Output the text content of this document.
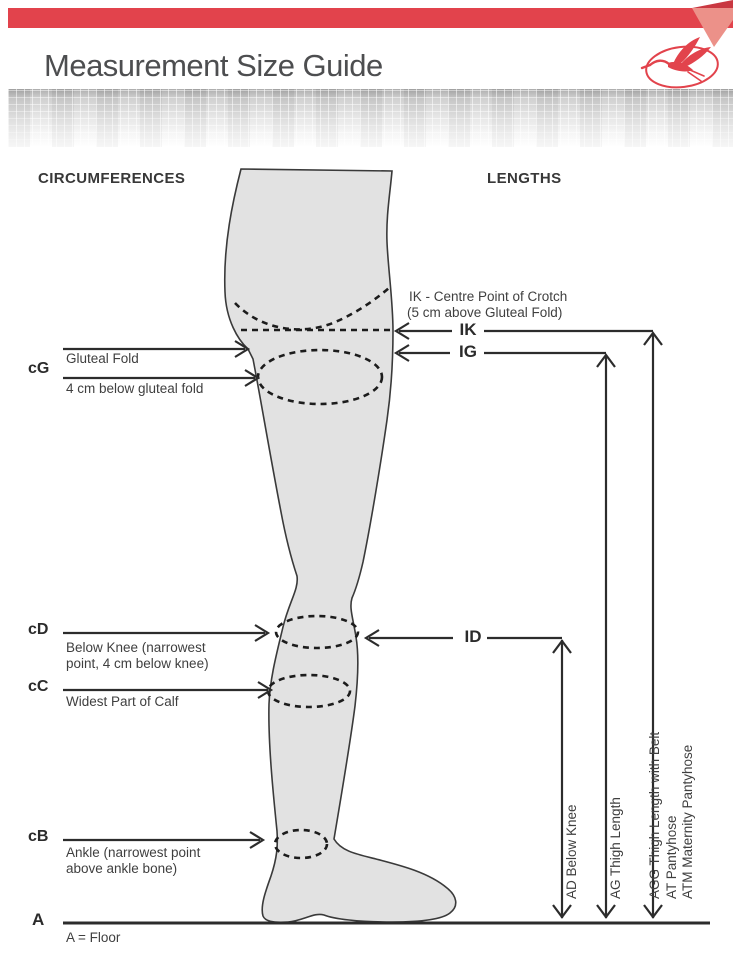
Measurement Size Guide
CIRCUMFERENCES	LENGTHS
Gluteal Fold
cG
4 cm below gluteal fold
cD
Below Knee (narrowest
point, 4 cm below knee)
cC
Widest Part of Calf
cB
Ankle (narrowest point
above ankle bone)
A
A = Floor
IK - Centre Point of Crotch
(5 cm above Gluteal Fold)
IK
IG
ID
AD Below Knee AG Thigh Length AGG Thigh Length with Belt AT Pantyhose ATM Maternity Pantyhose
